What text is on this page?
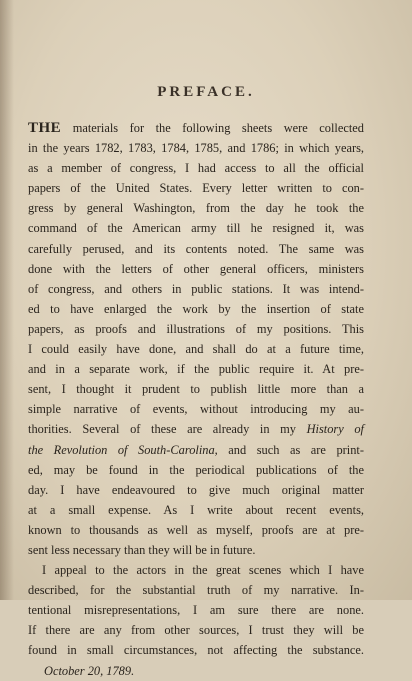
PREFACE.
THE materials for the following sheets were collected
in the years 1782, 1783, 1784, 1785, and 1786; in which years,
as a member of congress, I had access to all the official
papers of the United States. Every letter written to con-
gress by general Washington, from the day he took the
command of the American army till he resigned it, was
carefully perused, and its contents noted. The same was
done with the letters of other general officers, ministers
of congress, and others in public stations. It was intend-
ed to have enlarged the work by the insertion of state
papers, as proofs and illustrations of my positions. This
I could easily have done, and shall do at a future time,
and in a separate work, if the public require it. At pre-
sent, I thought it prudent to publish little more than a
simple narrative of events, without introducing my au-
thorities. Several of these are already in my History of
the Revolution of South-Carolina, and such as are print-
ed, may be found in the periodical publications of the
day. I have endeavoured to give much original matter
at a small expense. As I write about recent events,
known to thousands as well as myself, proofs are at pre-
sent less necessary than they will be in future.
I appeal to the actors in the great scenes which I have
described, for the substantial truth of my narrative. In-
tentional misrepresentations, I am sure there are none.
If there are any from other sources, I trust they will be
found in small circumstances, not affecting the substance.
October 20, 1789.
